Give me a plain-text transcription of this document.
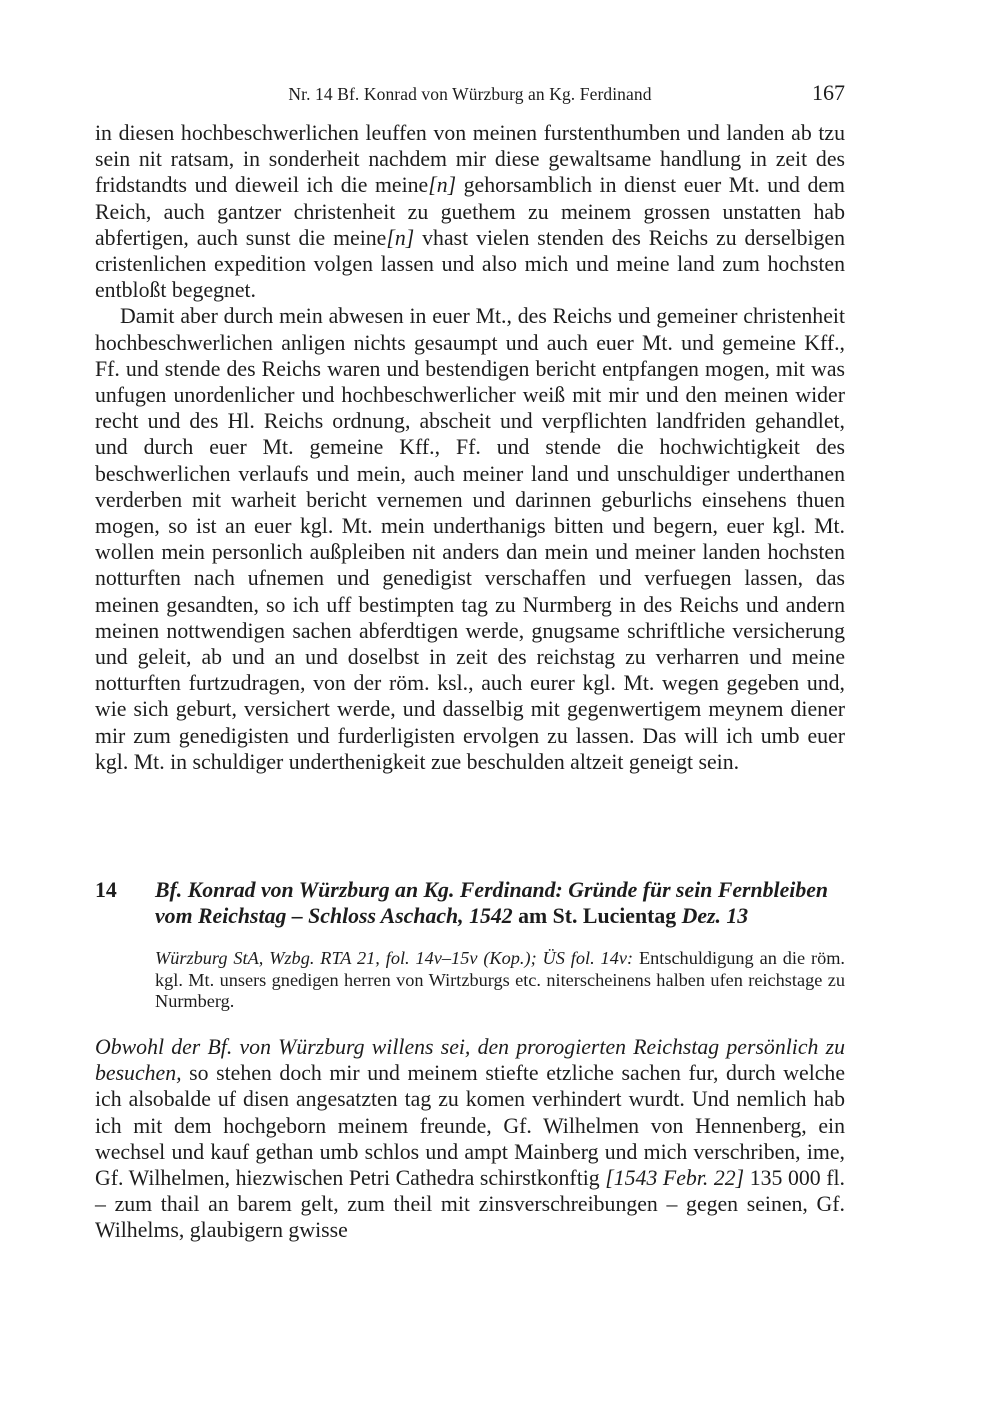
Nr. 14 Bf. Konrad von Würzburg an Kg. Ferdinand	167

in diesen hochbeschwerlichen leuffen von meinen furstenthumben und landen ab tzu sein nit ratsam, in sonderheit nachdem mir diese gewaltsame handlung in zeit des fridstandts und dieweil ich die meine[n] gehorsamblich in dienst euer Mt. und dem Reich, auch gantzer christenheit zu guethem zu meinem grossen unstatten hab abfertigen, auch sunst die meine[n] vhast vielen stenden des Reichs zu derselbigen cristenlichen expedition volgen lassen und also mich und meine land zum hochsten entbloßt begegnet.

Damit aber durch mein abwesen in euer Mt., des Reichs und gemeiner christenheit hochbeschwerlichen anligen nichts gesaumpt und auch euer Mt. und gemeine Kff., Ff. und stende des Reichs waren und bestendigen bericht entpfangen mogen, mit was unfugen unordenlicher und hochbeschwerlicher weiß mit mir und den meinen wider recht und des Hl. Reichs ordnung, abscheit und verpflichten landfriden gehandlet, und durch euer Mt. gemeine Kff., Ff. und stende die hochwichtigkeit des beschwerlichen verlaufs und mein, auch meiner land und unschuldiger underthanen verderben mit warheit bericht vernemen und darinnen geburlichs einsehens thuen mogen, so ist an euer kgl. Mt. mein underthanigs bitten und begern, euer kgl. Mt. wollen mein personlich außpleiben nit anders dan mein und meiner landen hochsten notturften nach ufnemen und genedigist verschaffen und verfuegen lassen, das meinen gesandten, so ich uff bestimpten tag zu Nurmberg in des Reichs und andern meinen nottwendigen sachen abferdtigen werde, gnugsame schriftliche versicherung und geleit, ab und an und doselbst in zeit des reichstag zu verharren und meine notturften furtzudragen, von der röm. ksl., auch eurer kgl. Mt. wegen gegeben und, wie sich geburt, versichert werde, und dasselbig mit gegenwertigem meynem diener mir zum genedigisten und furderligisten ervolgen zu lassen. Das will ich umb euer kgl. Mt. in schuldiger underthenigkeit zue beschulden altzeit geneigt sein.

14 Bf. Konrad von Würzburg an Kg. Ferdinand: Gründe für sein Fernbleiben vom Reichstag – Schloss Aschach, 1542 am St. Lucientag Dez. 13
Würzburg StA, Wzbg. RTA 21, fol. 14v–15v (Kop.); ÜS fol. 14v: Entschuldigung an die röm. kgl. Mt. unsers gnedigen herren von Wirtzburgs etc. niterscheinens halben ufen reichstage zu Nurmberg.

Obwohl der Bf. von Würzburg willens sei, den prorogierten Reichstag persönlich zu besuchen, so stehen doch mir und meinem stiefte etzliche sachen fur, durch welche ich alsobalde uf disen angesatzten tag zu komen verhindert wurdt. Und nemlich hab ich mit dem hochgeborn meinem freunde, Gf. Wilhelmen von Hennenberg, ein wechsel und kauf gethan umb schlos und ampt Mainberg und mich verschriben, ime, Gf. Wilhelmen, hiezwischen Petri Cathedra schirstkonftig [1543 Febr. 22] 135 000 fl. – zum thail an barem gelt, zum theil mit zinsverschreibungen – gegen seinen, Gf. Wilhelms, glaubigern gwisse
